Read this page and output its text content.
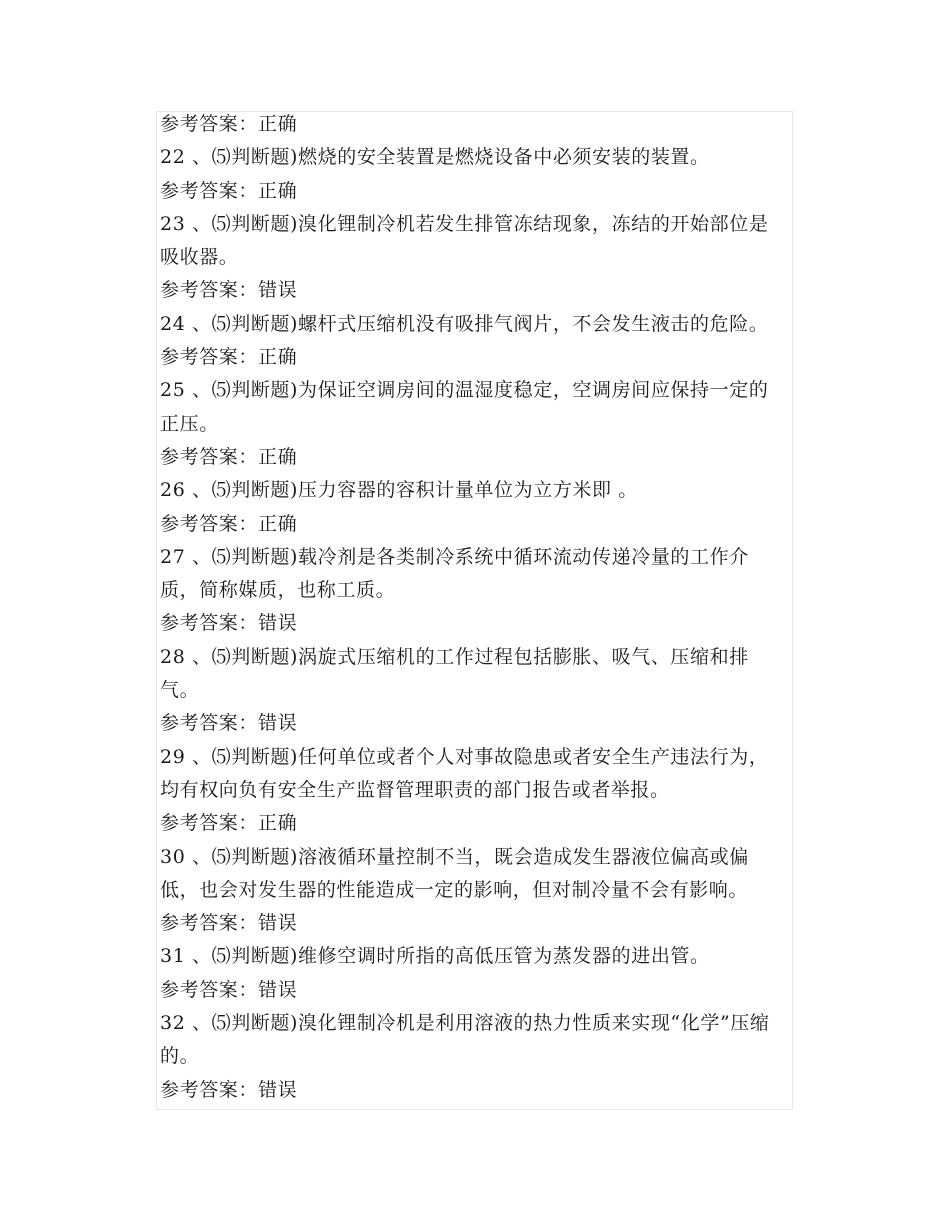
参考答案：正确
22 、⑸判断题)燃烧的安全装置是燃烧设备中必须安装的装置。
参考答案：正确
23 、⑸判断题)溴化锂制冷机若发生排管冻结现象，冻结的开始部位是
吸收器。
参考答案：错误
24 、⑸判断题)螺杆式压缩机没有吸排气阀片，不会发生液击的危险。
参考答案：正确
25 、⑸判断题)为保证空调房间的温湿度稳定，空调房间应保持一定的
正压。
参考答案：正确
26 、⑸判断题)压力容器的容积计量单位为立方米即 。
参考答案：正确
27 、⑸判断题)载冷剂是各类制冷系统中循环流动传递冷量的工作介
质，简称媒质，也称工质。
参考答案：错误
28 、⑸判断题)涡旋式压缩机的工作过程包括膨胀、吸气、压缩和排
气。
参考答案：错误
29 、⑸判断题)任何单位或者个人对事故隐患或者安全生产违法行为，
均有权向负有安全生产监督管理职责的部门报告或者举报。
参考答案：正确
30 、⑸判断题)溶液循环量控制不当，既会造成发生器液位偏高或偏
低，也会对发生器的性能造成一定的影响，但对制冷量不会有影响。
参考答案：错误
31 、⑸判断题)维修空调时所指的高低压管为蒸发器的进出管。
参考答案：错误
32 、⑸判断题)溴化锂制冷机是利用溶液的热力性质来实现“化学”压缩
的。
参考答案：错误
